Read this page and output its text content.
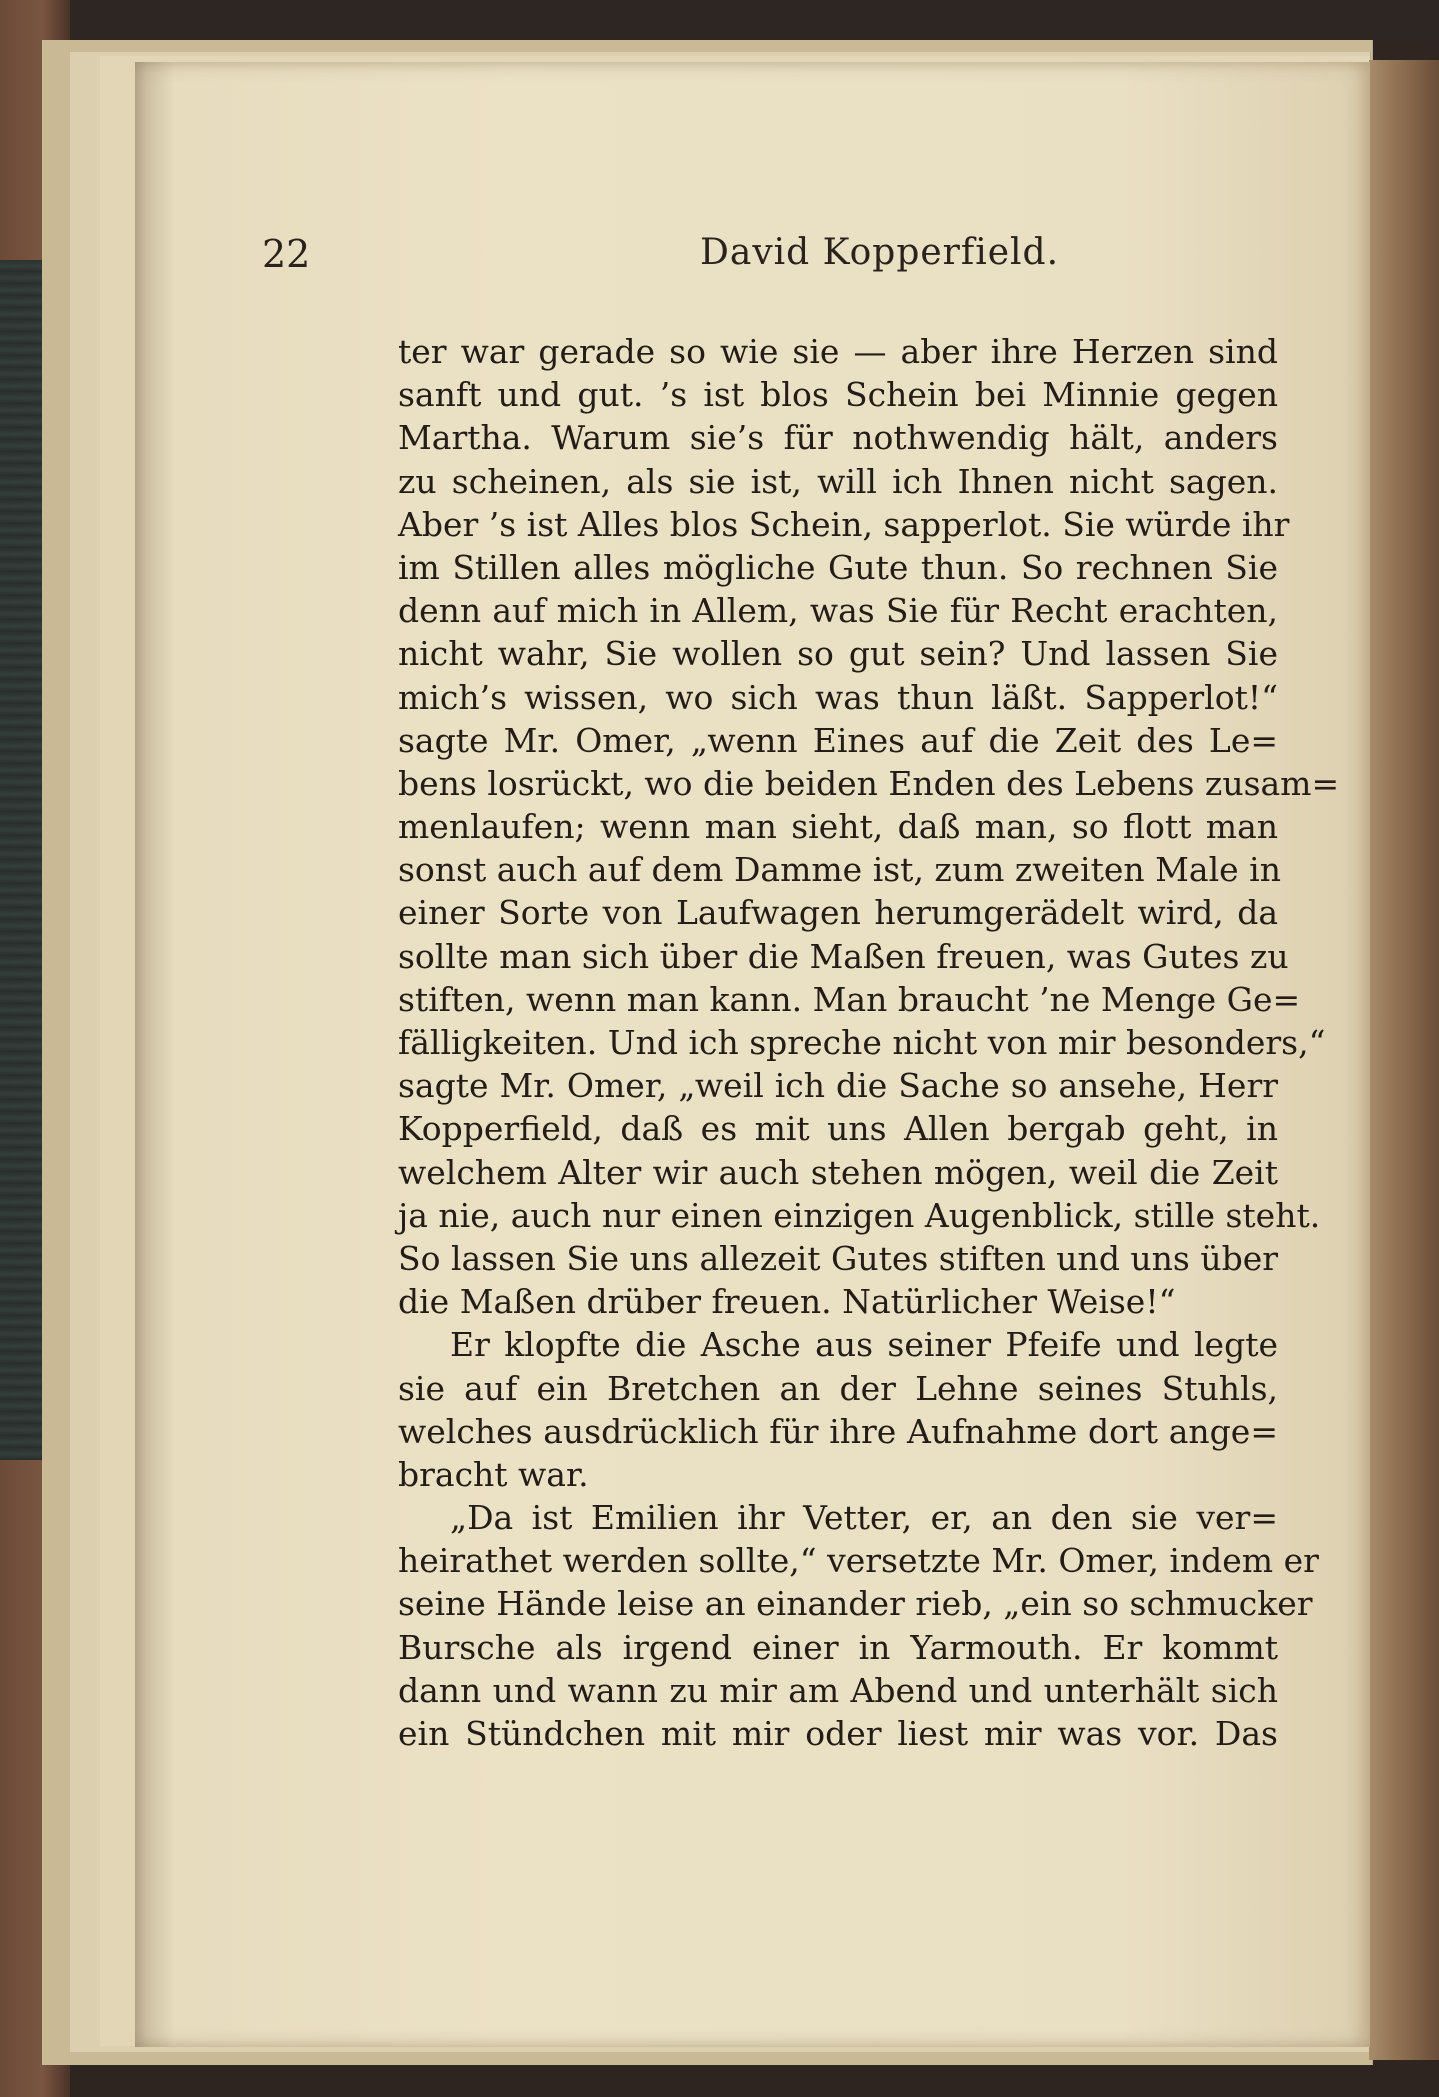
22	David Kopperfield.
ter war gerade so wie sie — aber ihre Herzen sind
sanft und gut. ’s ist blos Schein bei Minnie gegen
Martha. Warum sie’s für nothwendig hält, anders
zu scheinen, als sie ist, will ich Ihnen nicht sagen.
Aber ’s ist Alles blos Schein, sapperlot. Sie würde ihr
im Stillen alles mögliche Gute thun. So rechnen Sie
denn auf mich in Allem, was Sie für Recht erachten,
nicht wahr, Sie wollen so gut sein? Und lassen Sie
mich’s wissen, wo sich was thun läßt. Sapperlot!“
sagte Mr. Omer, „wenn Eines auf die Zeit des Le=
bens losrückt, wo die beiden Enden des Lebens zusam=
menlaufen; wenn man sieht, daß man, so flott man
sonst auch auf dem Damme ist, zum zweiten Male in
einer Sorte von Laufwagen herumgerädelt wird, da
sollte man sich über die Maßen freuen, was Gutes zu
stiften, wenn man kann. Man braucht ’ne Menge Ge=
fälligkeiten. Und ich spreche nicht von mir besonders,“
sagte Mr. Omer, „weil ich die Sache so ansehe, Herr
Kopperfield, daß es mit uns Allen bergab geht, in
welchem Alter wir auch stehen mögen, weil die Zeit
ja nie, auch nur einen einzigen Augenblick, stille steht.
So lassen Sie uns allezeit Gutes stiften und uns über
die Maßen drüber freuen. Natürlicher Weise!“
Er klopfte die Asche aus seiner Pfeife und legte
sie auf ein Bretchen an der Lehne seines Stuhls,
welches ausdrücklich für ihre Aufnahme dort ange=
bracht war.
„Da ist Emilien ihr Vetter, er, an den sie ver=
heirathet werden sollte,“ versetzte Mr. Omer, indem er
seine Hände leise an einander rieb, „ein so schmucker
Bursche als irgend einer in Yarmouth. Er kommt
dann und wann zu mir am Abend und unterhält sich
ein Stündchen mit mir oder liest mir was vor. Das
